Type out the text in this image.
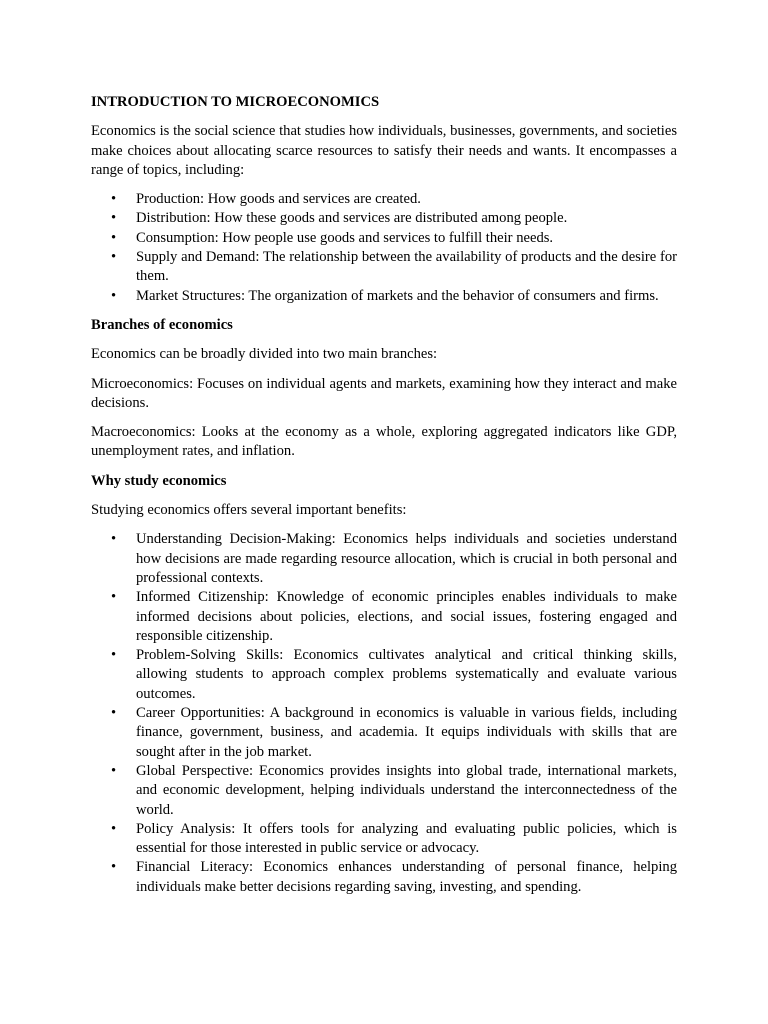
INTRODUCTION TO MICROECONOMICS

Economics is the social science that studies how individuals, businesses, governments, and societies make choices about allocating scarce resources to satisfy their needs and wants. It encompasses a range of topics, including:

• Production: How goods and services are created.
• Distribution: How these goods and services are distributed among people.
• Consumption: How people use goods and services to fulfill their needs.
• Supply and Demand: The relationship between the availability of products and the desire for them.
• Market Structures: The organization of markets and the behavior of consumers and firms.
Branches of economics

Economics can be broadly divided into two main branches:

Microeconomics: Focuses on individual agents and markets, examining how they interact and make decisions.

Macroeconomics: Looks at the economy as a whole, exploring aggregated indicators like GDP, unemployment rates, and inflation.

Why study economics

Studying economics offers several important benefits:

• Understanding Decision-Making: Economics helps individuals and societies understand how decisions are made regarding resource allocation, which is crucial in both personal and professional contexts.
• Informed Citizenship: Knowledge of economic principles enables individuals to make informed decisions about policies, elections, and social issues, fostering engaged and responsible citizenship.
• Problem-Solving Skills: Economics cultivates analytical and critical thinking skills, allowing students to approach complex problems systematically and evaluate various outcomes.
• Career Opportunities: A background in economics is valuable in various fields, including finance, government, business, and academia. It equips individuals with skills that are sought after in the job market.
• Global Perspective: Economics provides insights into global trade, international markets, and economic development, helping individuals understand the interconnectedness of the world.
• Policy Analysis: It offers tools for analyzing and evaluating public policies, which is essential for those interested in public service or advocacy.
• Financial Literacy: Economics enhances understanding of personal finance, helping individuals make better decisions regarding saving, investing, and spending.
